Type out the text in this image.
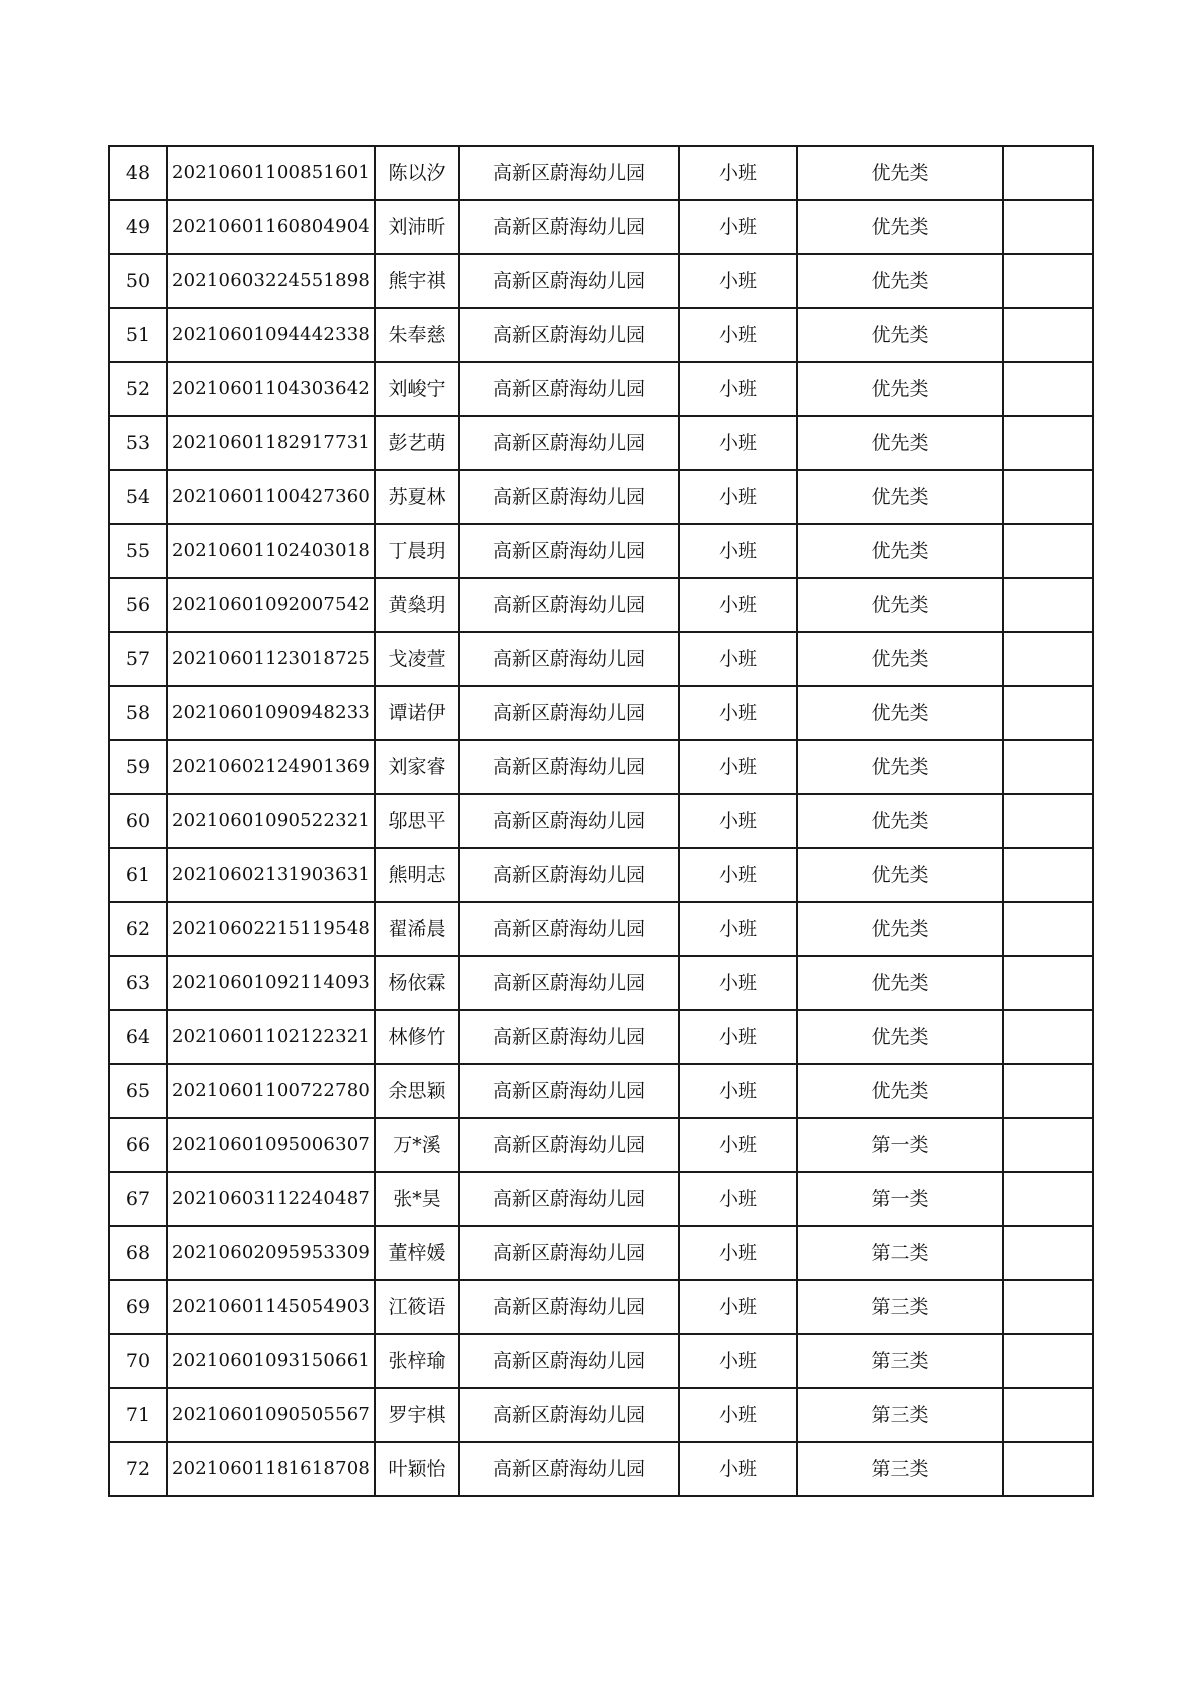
48	20210601100851601	陈以汐	高新区蔚海幼儿园	小班	优先类	
49	20210601160804904	刘沛昕	高新区蔚海幼儿园	小班	优先类	
50	20210603224551898	熊宇祺	高新区蔚海幼儿园	小班	优先类	
51	20210601094442338	朱奉慈	高新区蔚海幼儿园	小班	优先类	
52	20210601104303642	刘峻宁	高新区蔚海幼儿园	小班	优先类	
53	20210601182917731	彭艺萌	高新区蔚海幼儿园	小班	优先类	
54	20210601100427360	苏夏林	高新区蔚海幼儿园	小班	优先类	
55	20210601102403018	丁晨玥	高新区蔚海幼儿园	小班	优先类	
56	20210601092007542	黄燊玥	高新区蔚海幼儿园	小班	优先类	
57	20210601123018725	戈凌萱	高新区蔚海幼儿园	小班	优先类	
58	20210601090948233	谭诺伊	高新区蔚海幼儿园	小班	优先类	
59	20210602124901369	刘家睿	高新区蔚海幼儿园	小班	优先类	
60	20210601090522321	邬思平	高新区蔚海幼儿园	小班	优先类	
61	20210602131903631	熊明志	高新区蔚海幼儿园	小班	优先类	
62	20210602215119548	翟浠晨	高新区蔚海幼儿园	小班	优先类	
63	20210601092114093	杨依霖	高新区蔚海幼儿园	小班	优先类	
64	20210601102122321	林修竹	高新区蔚海幼儿园	小班	优先类	
65	20210601100722780	余思颖	高新区蔚海幼儿园	小班	优先类	
66	20210601095006307	万*溪	高新区蔚海幼儿园	小班	第一类	
67	20210603112240487	张*昊	高新区蔚海幼儿园	小班	第一类	
68	20210602095953309	董梓媛	高新区蔚海幼儿园	小班	第二类	
69	20210601145054903	江筱语	高新区蔚海幼儿园	小班	第三类	
70	20210601093150661	张梓瑜	高新区蔚海幼儿园	小班	第三类	
71	20210601090505567	罗宇棋	高新区蔚海幼儿园	小班	第三类	
72	20210601181618708	叶颖怡	高新区蔚海幼儿园	小班	第三类	
